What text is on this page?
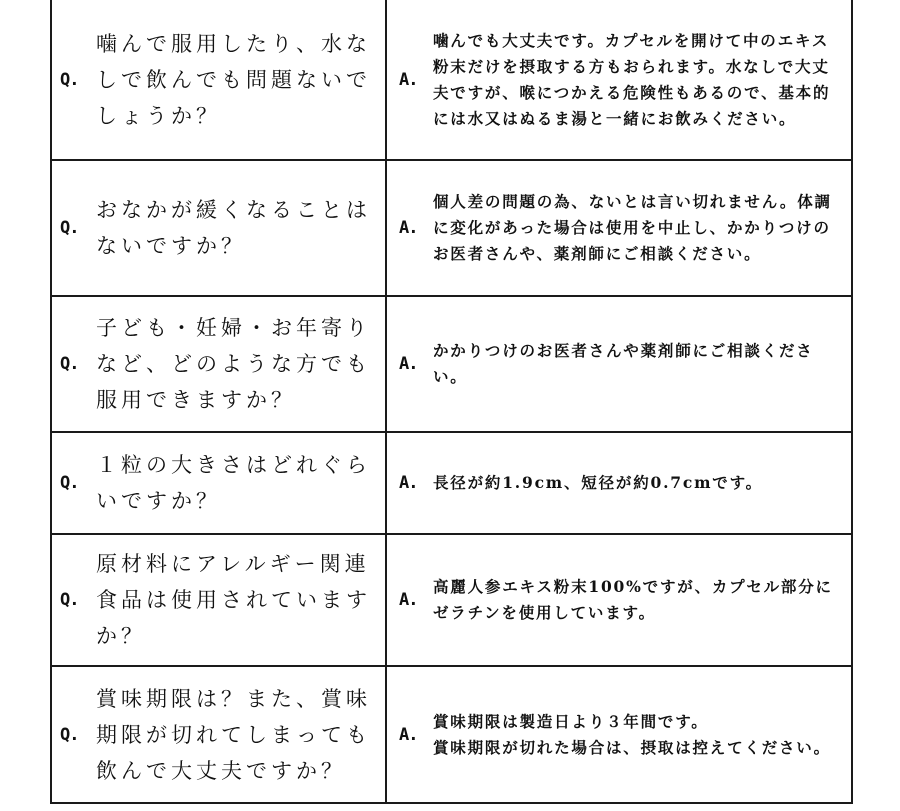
Q.
噛んで服用したり、水なしで飲んでも問題ないでしょうか？	A.
噛んでも大丈夫です。カプセルを開けて中のエキス粉末だけを摂取する方もおられます。水なしで大丈夫ですが、喉につかえる危険性もあるので、基本的には水又はぬるま湯と一緒にお飲みください。

Q.
おなかが緩くなることはないですか？	A.
個人差の問題の為、ないとは言い切れません。体調に変化があった場合は使用を中止し、かかりつけのお医者さんや、薬剤師にご相談ください。

Q.
子ども・妊婦・お年寄りなど、どのような方でも服用できますか？	A.
かかりつけのお医者さんや薬剤師にご相談ください。

Q.
１粒の大きさはどれぐらいですか？	A. 長径が約1.9cm、短径が約0.7cmです。

Q.
原材料にアレルギー関連食品は使用されていますか？	A.
高麗人参エキス粉末100%ですが、カプセル部分にゼラチンを使用しています。

Q.
賞味期限は？また、賞味期限が切れてしまっても飲んで大丈夫ですか？	A.
賞味期限は製造日より３年間です。
賞味期限が切れた場合は、摂取は控えてください。
